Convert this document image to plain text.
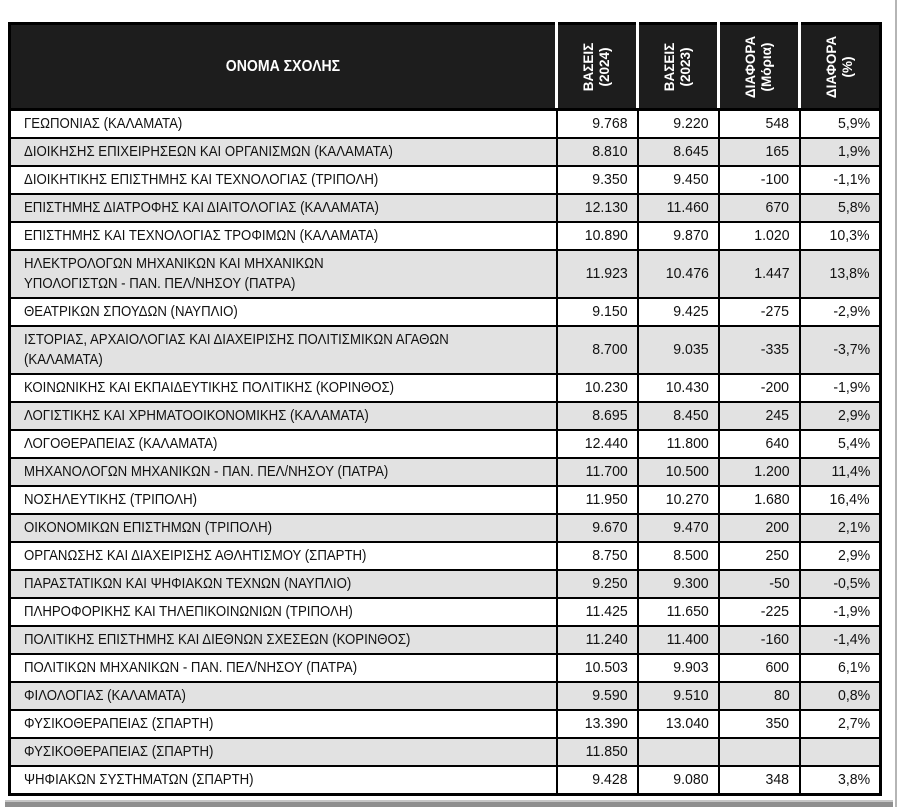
ΟΝΟΜΑ ΣΧΟΛΗΣ	ΒΑΣΕΙΣ (2024)	ΒΑΣΕΙΣ (2023)	ΔΙΑΦΟΡΑ (Μόρια)	ΔΙΑΦΟΡΑ (%)

ΓΕΩΠΟΝΙΑΣ (ΚΑΛΑΜΑΤΑ)	9.768	9.220	548	5,9%

ΔΙΟΙΚΗΣΗΣ ΕΠΙΧΕΙΡΗΣΕΩΝ ΚΑΙ ΟΡΓΑΝΙΣΜΩΝ (ΚΑΛΑΜΑΤΑ)	8.810	8.645	165	1,9%

ΔΙΟΙΚΗΤΙΚΗΣ ΕΠΙΣΤΗΜΗΣ ΚΑΙ ΤΕΧΝΟΛΟΓΙΑΣ (ΤΡΙΠΟΛΗ)	9.350	9.450	-100	-1,1%

ΕΠΙΣΤΗΜΗΣ ΔΙΑΤΡΟΦΗΣ ΚΑΙ ΔΙΑΙΤΟΛΟΓΙΑΣ (ΚΑΛΑΜΑΤΑ)	12.130	11.460	670	5,8%

ΕΠΙΣΤΗΜΗΣ ΚΑΙ ΤΕΧΝΟΛΟΓΙΑΣ ΤΡΟΦΙΜΩΝ (ΚΑΛΑΜΑΤΑ)	10.890	9.870	1.020	10,3%

ΗΛΕΚΤΡΟΛΟΓΩΝ ΜΗΧΑΝΙΚΩΝ ΚΑΙ ΜΗΧΑΝΙΚΩΝ
ΥΠΟΛΟΓΙΣΤΩΝ - ΠΑΝ. ΠΕΛ/ΝΗΣΟΥ (ΠΑΤΡΑ)	11.923	10.476	1.447	13,8%

ΘΕΑΤΡΙΚΩΝ ΣΠΟΥΔΩΝ (ΝΑΥΠΛΙΟ)	9.150	9.425	-275	-2,9%

ΙΣΤΟΡΙΑΣ, ΑΡΧΑΙΟΛΟΓΙΑΣ ΚΑΙ ΔΙΑΧΕΙΡΙΣΗΣ ΠΟΛΙΤΙΣΜΙΚΩΝ ΑΓΑΘΩΝ
(ΚΑΛΑΜΑΤΑ)	8.700	9.035	-335	-3,7%

ΚΟΙΝΩΝΙΚΗΣ ΚΑΙ ΕΚΠΑΙΔΕΥΤΙΚΗΣ ΠΟΛΙΤΙΚΗΣ (ΚΟΡΙΝΘΟΣ)	10.230	10.430	-200	-1,9%

ΛΟΓΙΣΤΙΚΗΣ ΚΑΙ ΧΡΗΜΑΤΟΟΙΚΟΝΟΜΙΚΗΣ (ΚΑΛΑΜΑΤΑ)	8.695	8.450	245	2,9%

ΛΟΓΟΘΕΡΑΠΕΙΑΣ (ΚΑΛΑΜΑΤΑ)	12.440	11.800	640	5,4%

ΜΗΧΑΝΟΛΟΓΩΝ ΜΗΧΑΝΙΚΩΝ - ΠΑΝ. ΠΕΛ/ΝΗΣΟΥ (ΠΑΤΡΑ)	11.700	10.500	1.200	11,4%

ΝΟΣΗΛΕΥΤΙΚΗΣ (ΤΡΙΠΟΛΗ)	11.950	10.270	1.680	16,4%

ΟΙΚΟΝΟΜΙΚΩΝ ΕΠΙΣΤΗΜΩΝ (ΤΡΙΠΟΛΗ)	9.670	9.470	200	2,1%

ΟΡΓΑΝΩΣΗΣ ΚΑΙ ΔΙΑΧΕΙΡΙΣΗΣ ΑΘΛΗΤΙΣΜΟΥ (ΣΠΑΡΤΗ)	8.750	8.500	250	2,9%

ΠΑΡΑΣΤΑΤΙΚΩΝ ΚΑΙ ΨΗΦΙΑΚΩΝ ΤΕΧΝΩΝ (ΝΑΥΠΛΙΟ)	9.250	9.300	-50	-0,5%

ΠΛΗΡΟΦΟΡΙΚΗΣ ΚΑΙ ΤΗΛΕΠΙΚΟΙΝΩΝΙΩΝ (ΤΡΙΠΟΛΗ)	11.425	11.650	-225	-1,9%

ΠΟΛΙΤΙΚΗΣ ΕΠΙΣΤΗΜΗΣ ΚΑΙ ΔΙΕΘΝΩΝ ΣΧΕΣΕΩΝ (ΚΟΡΙΝΘΟΣ)	11.240	11.400	-160	-1,4%

ΠΟΛΙΤΙΚΩΝ ΜΗΧΑΝΙΚΩΝ - ΠΑΝ. ΠΕΛ/ΝΗΣΟΥ (ΠΑΤΡΑ)	10.503	9.903	600	6,1%

ΦΙΛΟΛΟΓΙΑΣ (ΚΑΛΑΜΑΤΑ)	9.590	9.510	80	0,8%

ΦΥΣΙΚΟΘΕΡΑΠΕΙΑΣ (ΣΠΑΡΤΗ)	13.390	13.040	350	2,7%

ΦΥΣΙΚΟΘΕΡΑΠΕΙΑΣ (ΣΠΑΡΤΗ)	11.850			

ΨΗΦΙΑΚΩΝ ΣΥΣΤΗΜΑΤΩΝ (ΣΠΑΡΤΗ)	9.428	9.080	348	3,8%
